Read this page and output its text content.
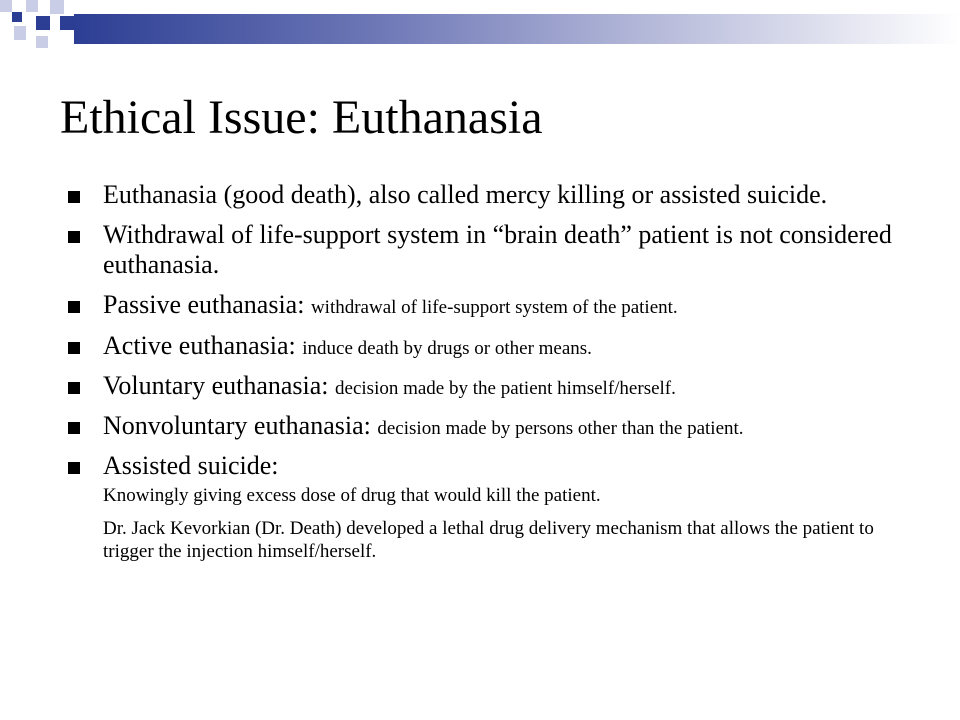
Ethical Issue: Euthanasia
Euthanasia (good death), also called mercy killing or assisted suicide.
Withdrawal of life-support system in “brain death” patient is not considered euthanasia.
Passive euthanasia: withdrawal of life-support system of the patient.
Active euthanasia: induce death by drugs or other means.
Voluntary euthanasia: decision made by the patient himself/herself.
Nonvoluntary euthanasia: decision made by persons other than the patient.
Assisted suicide:
Knowingly giving excess dose of drug that would kill the patient.
Dr. Jack Kevorkian (Dr. Death) developed a lethal drug delivery mechanism that allows the patient to trigger the injection himself/herself.
